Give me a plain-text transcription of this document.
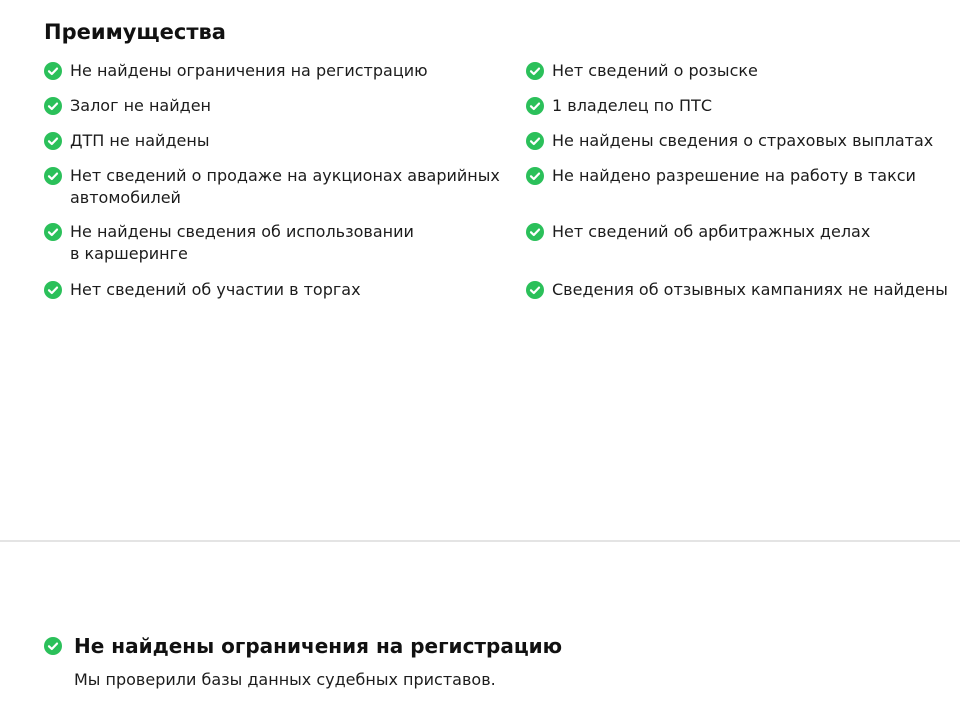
Преимущества
Не найдены ограничения на регистрацию
Залог не найден
ДТП не найдены
Нет сведений о продаже на аукционах аварийных
автомобилей
Не найдены сведения об использовании
в каршеринге
Нет сведений об участии в торгах
Нет сведений о розыске
1 владелец по ПТС
Не найдены сведения о страховых выплатах
Не найдено разрешение на работу в такси
Нет сведений об арбитражных делах
Сведения об отзывных кампаниях не найдены
Не найдены ограничения на регистрацию

Мы проверили базы данных судебных приставов.
